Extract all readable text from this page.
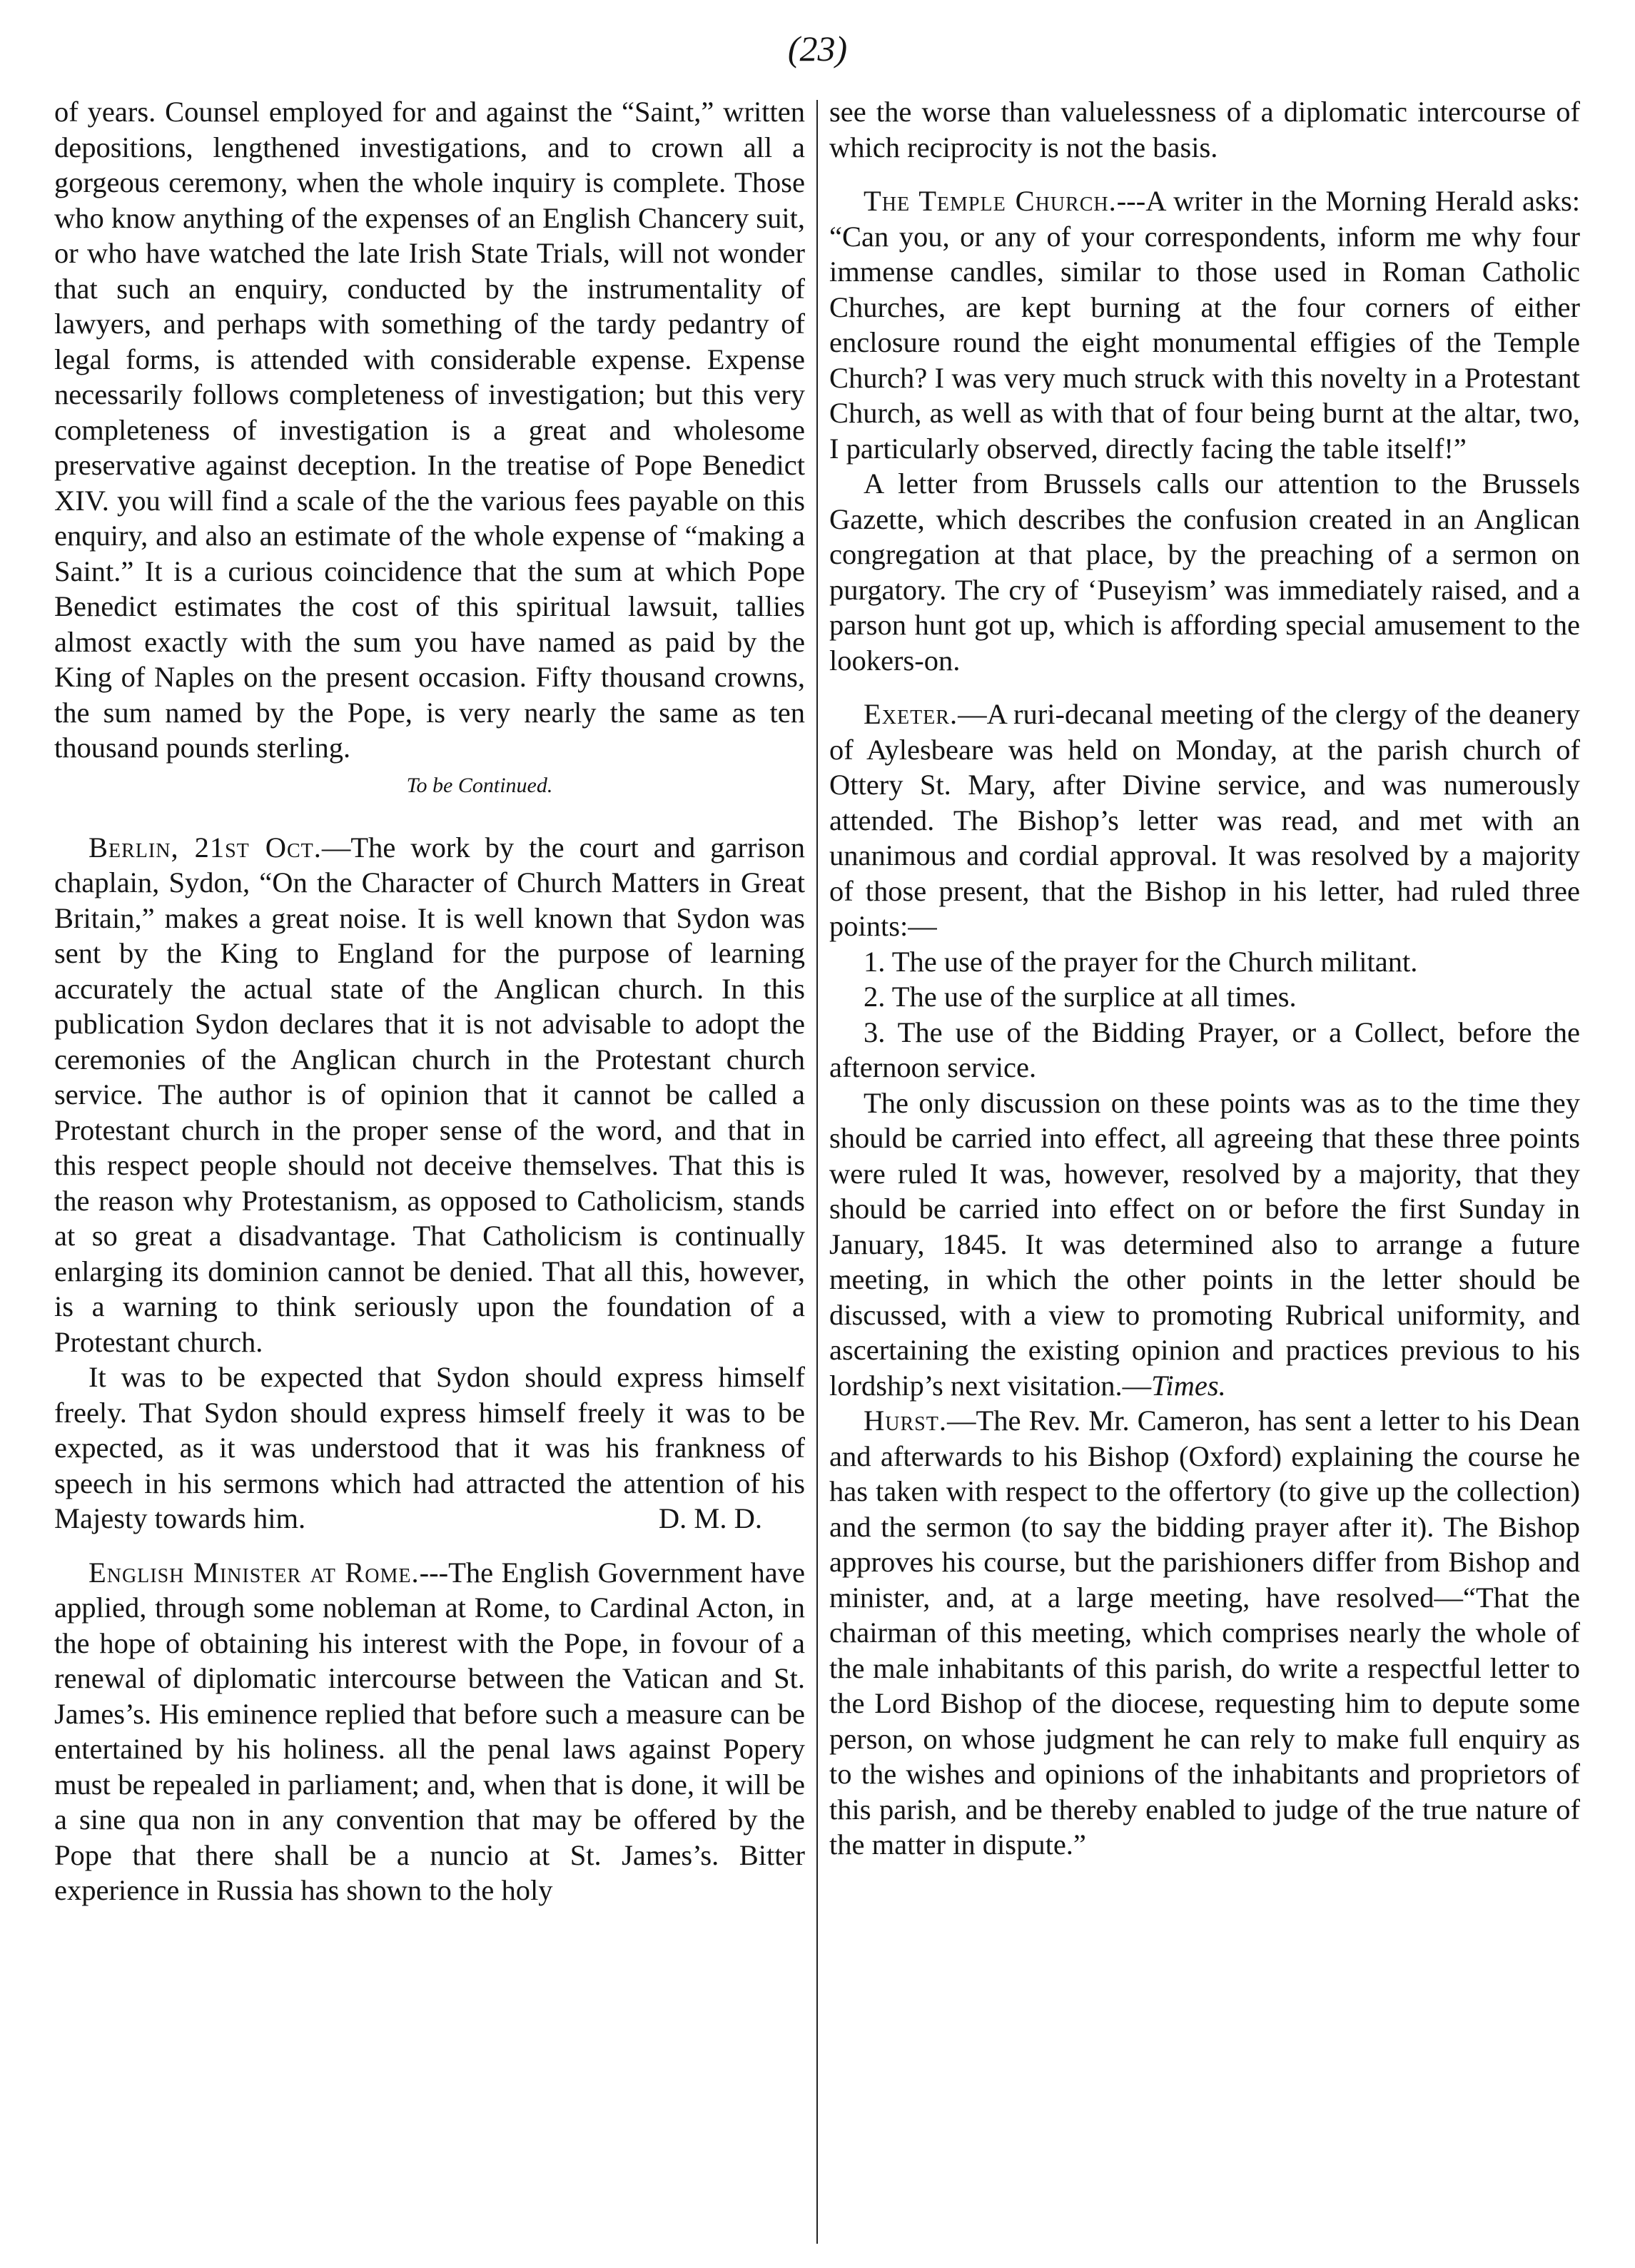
(23)

of years. Counsel employed for and against the “Saint,” written depositions, lengthened investigations, and to crown all a gorgeous ceremony, when the whole inquiry is complete. Those who know anything of the expenses of an English Chancery suit, or who have watched the late Irish State Trials, will not wonder that such an enquiry, conducted by the instrumentality of lawyers, and perhaps with something of the tardy pedantry of legal forms, is attended with considerable expense. Expense necessarily follows completeness of investigation; but this very completeness of investigation is a great and wholesome preservative against deception. In the treatise of Pope Benedict XIV. you will find a scale of the the various fees payable on this enquiry, and also an estimate of the whole expense of “making a Saint.” It is a curious coincidence that the sum at which Pope Benedict estimates the cost of this spiritual lawsuit, tallies almost exactly with the sum you have named as paid by the King of Naples on the present occasion. Fifty thousand crowns, the sum named by the Pope, is very nearly the same as ten thousand pounds sterling.

To be Continued.

Berlin, 21st Oct.—The work by the court and garrison chaplain, Sydon, “On the Character of Church Matters in Great Britain,” makes a great noise. It is well known that Sydon was sent by the King to England for the purpose of learning accurately the actual state of the Anglican church. In this publication Sydon declares that it is not advisable to adopt the ceremonies of the Anglican church in the Protestant church service. The author is of opinion that it cannot be called a Protestant church in the proper sense of the word, and that in this respect people should not deceive themselves. That this is the reason why Protestanism, as opposed to Catholicism, stands at so great a disadvantage. That Catholicism is continually enlarging its dominion cannot be denied. That all this, however, is a warning to think seriously upon the foundation of a Protestant church.

It was to be expected that Sydon should express himself freely. That Sydon should express himself freely it was to be expected, as it was understood that it was his frankness of speech in his sermons which had attracted the attention of his Majesty towards him.	D. M. D.

English Minister at Rome.---The English Government have applied, through some nobleman at Rome, to Cardinal Acton, in the hope of obtaining his interest with the Pope, in fovour of a renewal of diplomatic intercourse between the Vatican and St. James’s. His eminence replied that before such a measure can be entertained by his holiness. all the penal laws against Popery must be repealed in parliament; and, when that is done, it will be a sine qua non in any convention that may be offered by the Pope that there shall be a nuncio at St. James’s. Bitter experience in Russia has shown to the holy

see the worse than valuelessness of a diplomatic intercourse of which reciprocity is not the basis.

The Temple Church.---A writer in the Morning Herald asks: “Can you, or any of your correspondents, inform me why four immense candles, similar to those used in Roman Catholic Churches, are kept burning at the four corners of either enclosure round the eight monumental effigies of the Temple Church? I was very much struck with this novelty in a Protestant Church, as well as with that of four being burnt at the altar, two, I particularly observed, directly facing the table itself!”

A letter from Brussels calls our attention to the Brussels Gazette, which describes the confusion created in an Anglican congregation at that place, by the preaching of a sermon on purgatory. The cry of ‘Puseyism’ was immediately raised, and a parson hunt got up, which is affording special amusement to the lookers-on.

Exeter.—A ruri-decanal meeting of the clergy of the deanery of Aylesbeare was held on Monday, at the parish church of Ottery St. Mary, after Divine service, and was numerously attended. The Bishop’s letter was read, and met with an unanimous and cordial approval. It was resolved by a majority of those present, that the Bishop in his letter, had ruled three points:—

1. The use of the prayer for the Church militant.

2. The use of the surplice at all times.

3. The use of the Bidding Prayer, or a Collect, before the afternoon service.

The only discussion on these points was as to the time they should be carried into effect, all agreeing that these three points were ruled It was, however, resolved by a majority, that they should be carried into effect on or before the first Sunday in January, 1845. It was determined also to arrange a future meeting, in which the other points in the letter should be discussed, with a view to promoting Rubrical uniformity, and ascertaining the existing opinion and practices previous to his lordship’s next visitation.—Times.

Hurst.—The Rev. Mr. Cameron, has sent a letter to his Dean and afterwards to his Bishop (Oxford) explaining the course he has taken with respect to the offertory (to give up the collection) and the sermon (to say the bidding prayer after it). The Bishop approves his course, but the parishioners differ from Bishop and minister, and, at a large meeting, have resolved—“That the chairman of this meeting, which comprises nearly the whole of the male inhabitants of this parish, do write a respectful letter to the Lord Bishop of the diocese, requesting him to depute some person, on whose judgment he can rely to make full enquiry as to the wishes and opinions of the inhabitants and proprietors of this parish, and be thereby enabled to judge of the true nature of the matter in dispute.”
